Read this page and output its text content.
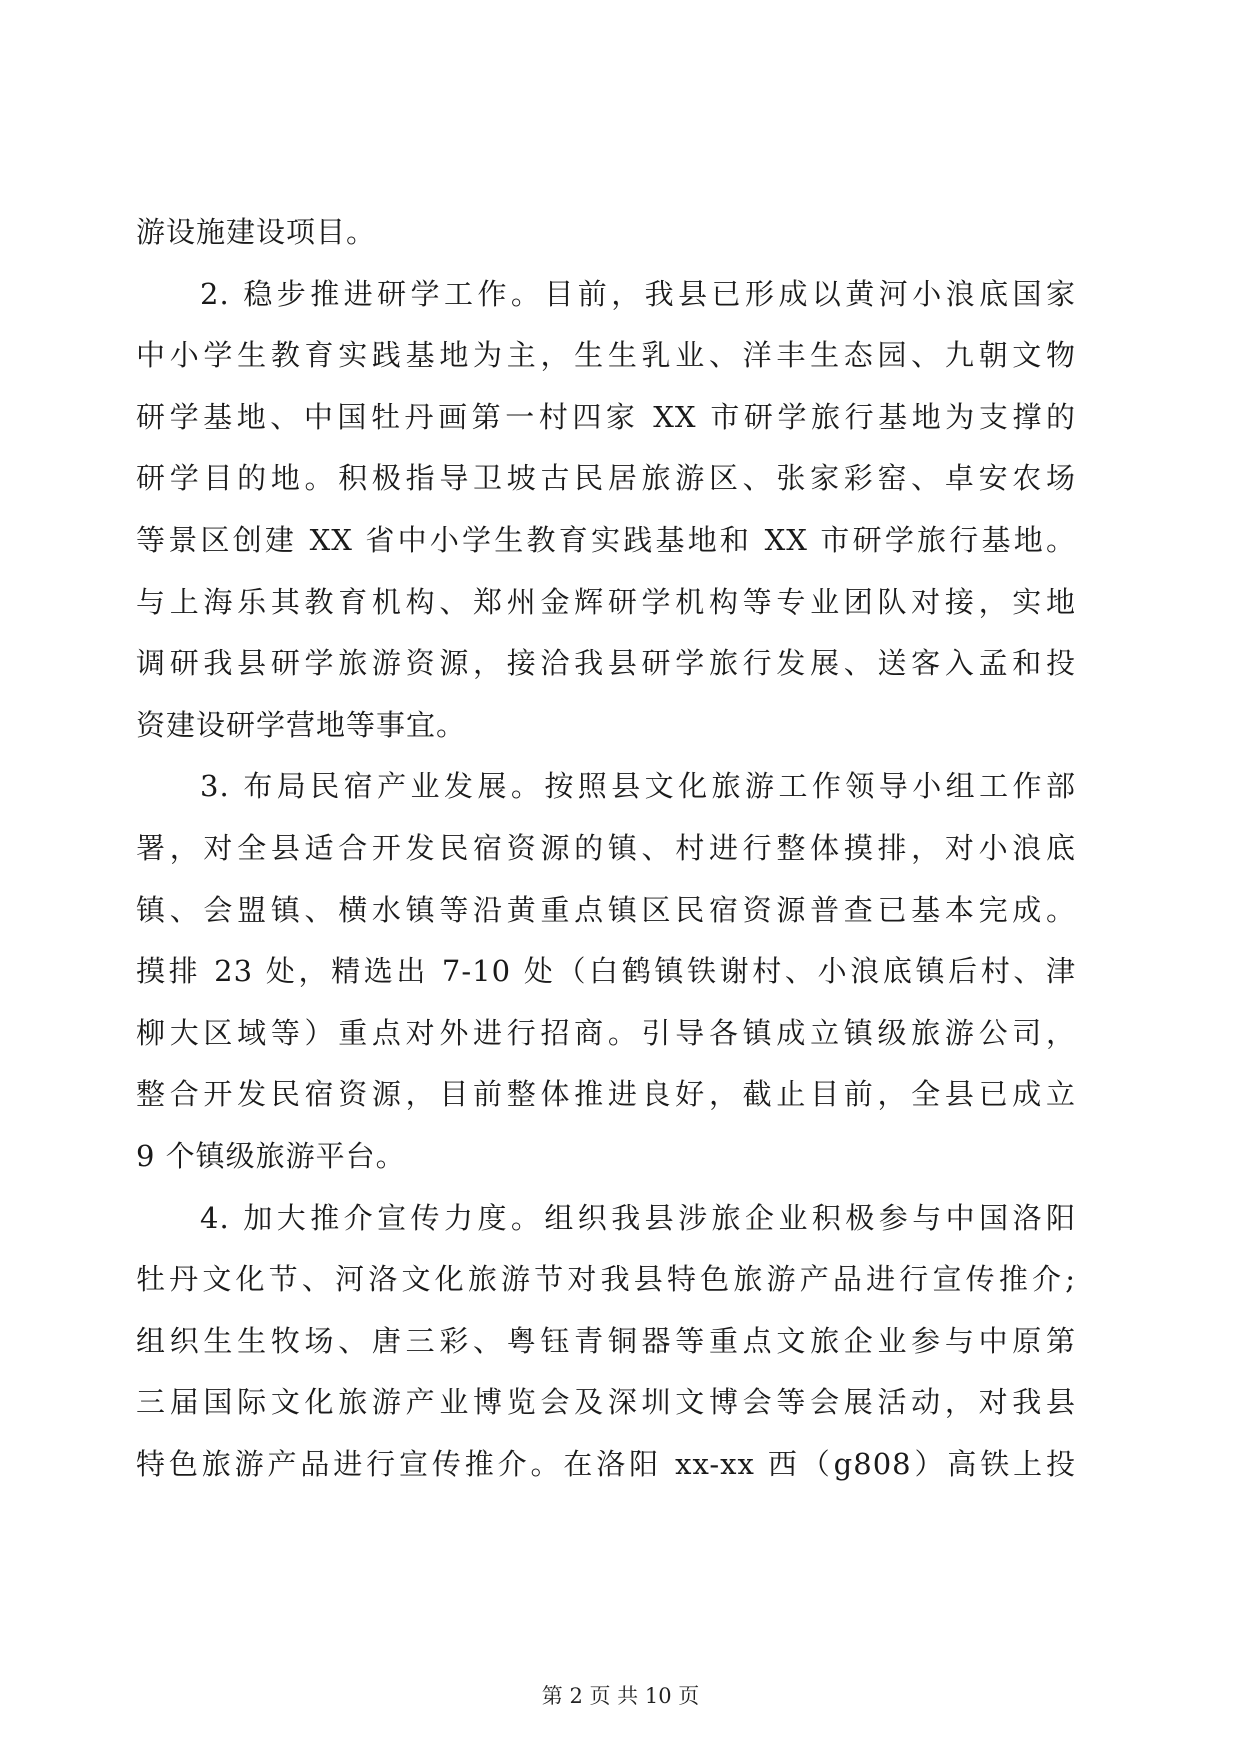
游设施建设项目。
2. 稳步推进研学工作。目前，我县已形成以黄河小浪底国家
中小学生教育实践基地为主，生生乳业、洋丰生态园、九朝文物
研学基地、中国牡丹画第一村四家 XX 市研学旅行基地为支撑的
研学目的地。积极指导卫坡古民居旅游区、张家彩窑、卓安农场
等景区创建 XX 省中小学生教育实践基地和 XX 市研学旅行基地。
与上海乐其教育机构、郑州金辉研学机构等专业团队对接，实地
调研我县研学旅游资源，接洽我县研学旅行发展、送客入孟和投
资建设研学营地等事宜。
3. 布局民宿产业发展。按照县文化旅游工作领导小组工作部
署，对全县适合开发民宿资源的镇、村进行整体摸排，对小浪底
镇、会盟镇、横水镇等沿黄重点镇区民宿资源普查已基本完成。
摸排 23 处，精选出 7-10 处（白鹤镇铁谢村、小浪底镇后村、津
柳大区域等）重点对外进行招商。引导各镇成立镇级旅游公司，
整合开发民宿资源，目前整体推进良好，截止目前，全县已成立
9 个镇级旅游平台。
4. 加大推介宣传力度。组织我县涉旅企业积极参与中国洛阳
牡丹文化节、河洛文化旅游节对我县特色旅游产品进行宣传推介;
组织生生牧场、唐三彩、粤钰青铜器等重点文旅企业参与中原第
三届国际文化旅游产业博览会及深圳文博会等会展活动，对我县
特色旅游产品进行宣传推介。在洛阳 xx-xx 西（g808）高铁上投
第 2 页 共 10 页
